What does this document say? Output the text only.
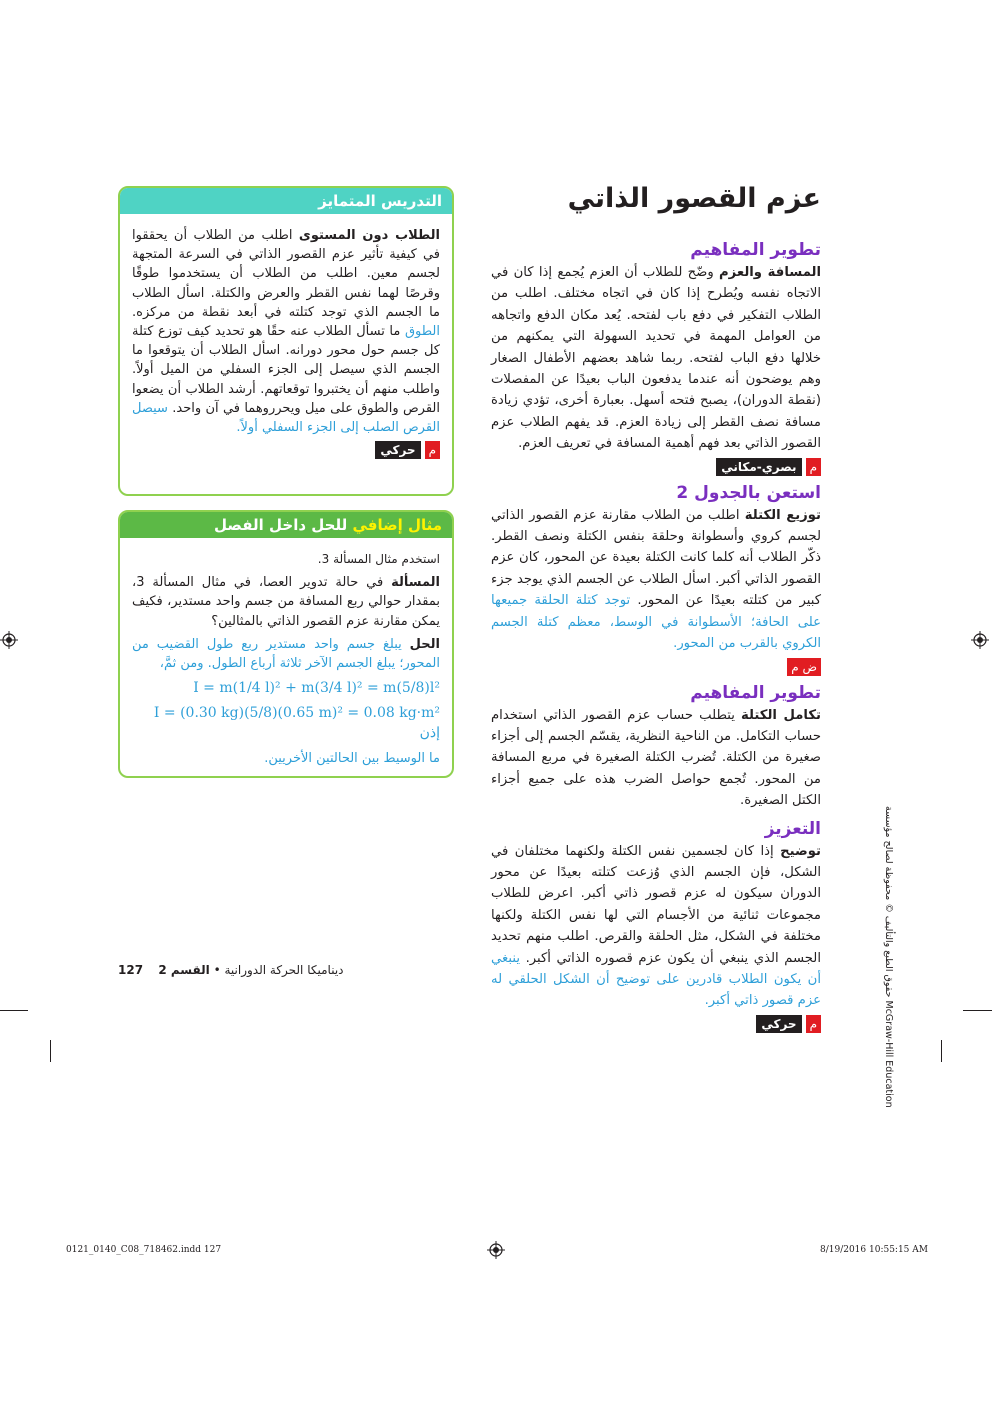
عزم القصور الذاتي
تطوير المفاهيم

المسافة والعزم وضّح للطلاب أن العزم يُجمع إذا كان في الاتجاه نفسه ويُطرح إذا كان في اتجاه مختلف. اطلب من الطلاب التفكير في دفع باب لفتحه. يُعد مكان الدفع واتجاهه من العوامل المهمة في تحديد السهولة التي يمكنهم من خلالها دفع الباب لفتحه. ربما شاهد بعضهم الأطفال الصغار وهم يوضحون أنه عندما يدفعون الباب بعيدًا عن المفصلات (نقطة الدوران)، يصبح فتحه أسهل. بعبارة أخرى، تؤدي زيادة مسافة نصف القطر إلى زيادة العزم. قد يفهم الطلاب عزم القصور الذاتي بعد فهم أهمية المسافة في تعريف العزم.

م
بصري-مكاني
استعن بالجدول 2

توزيع الكتلة اطلب من الطلاب مقارنة عزم القصور الذاتي لجسم كروي وأسطوانة وحلقة بنفس الكتلة ونصف القطر. ذكّر الطلاب أنه كلما كانت الكتلة بعيدة عن المحور، كان عزم القصور الذاتي أكبر. اسأل الطلاب عن الجسم الذي يوجد جزء كبير من كتلته بعيدًا عن المحور. توجد كتلة الحلقة جميعها على الحافة؛ الأسطوانة في الوسط، معظم كتلة الجسم الكروي بالقرب من المحور.

ض م
تطوير المفاهيم

تكامل الكتلة يتطلب حساب عزم القصور الذاتي استخدام حساب التكامل. من الناحية النظرية، يقسّم الجسم إلى أجزاء صغيرة من الكتلة. تُضرب الكتلة الصغيرة في مربع المسافة من المحور. تُجمع حواصل الضرب هذه على جميع أجزاء الكتل الصغيرة.

التعزيز

توضيح إذا كان لجسمين نفس الكتلة ولكنهما مختلفان في الشكل، فإن الجسم الذي وُزعت كتلته بعيدًا عن محور الدوران سيكون له عزم قصور ذاتي أكبر. اعرض للطلاب مجموعات ثنائية من الأجسام التي لها نفس الكتلة ولكنها مختلفة في الشكل، مثل الحلقة والقرص. اطلب منهم تحديد الجسم الذي ينبغي أن يكون عزم قصوره الذاتي أكبر. ينبغي أن يكون الطلاب قادرين على توضيح أن الشكل الحلقي له عزم قصور ذاتي أكبر.

م
حركي
التدريس المتمايز

الطلاب دون المستوى اطلب من الطلاب أن يحققوا في كيفية تأثير عزم القصور الذاتي في السرعة المتجهة لجسم معين. اطلب من الطلاب أن يستخدموا طوقًا وقرصًا لهما نفس القطر والعرض والكتلة. اسأل الطلاب ما الجسم الذي توجد كتلته في أبعد نقطة من مركزه. الطوق ما تسأل الطلاب عنه حقًا هو تحديد كيف توزع كتلة كل جسم حول محور دورانه. اسأل الطلاب أن يتوقعوا ما الجسم الذي سيصل إلى الجزء السفلي من الميل أولاً. واطلب منهم أن يختبروا توقعاتهم. أرشد الطلاب أن يضعوا القرص والطوق على ميل ويحرروهما في آن واحد. سيصل القرص الصلب إلى الجزء السفلي أولاً.

م
حركي
مثال إضافي للحل داخل الفصل

استخدم مثال المسألة 3.

المسألة في حالة تدوير العصا، في مثال المسألة 3، بمقدار حوالي ربع المسافة من جسم واحد مستدير، فكيف يمكن مقارنة عزم القصور الذاتي بالمثالين؟

الحل يبلغ جسم واحد مستدير ربع طول القضيب من المحور؛ يبلغ الجسم الآخر ثلاثة أرباع الطول. ومن ثمَّ،

I = m(1/4 l)² + m(3/4 l)² = m(5/8)l²
I = (0.30 kg)(5/8)(0.65 m)² = 0.08 kg·m² إذن

ما الوسيط بين الحالتين الأخريين.

127	ديناميكا الحركة الدورانية • القسم 2	حقوق الطبع والتأليف © محفوظة لصالح مؤسسة McGraw-Hill Education
0121_0140_C08_718462.indd 127	8/19/2016 10:55:15 AM
